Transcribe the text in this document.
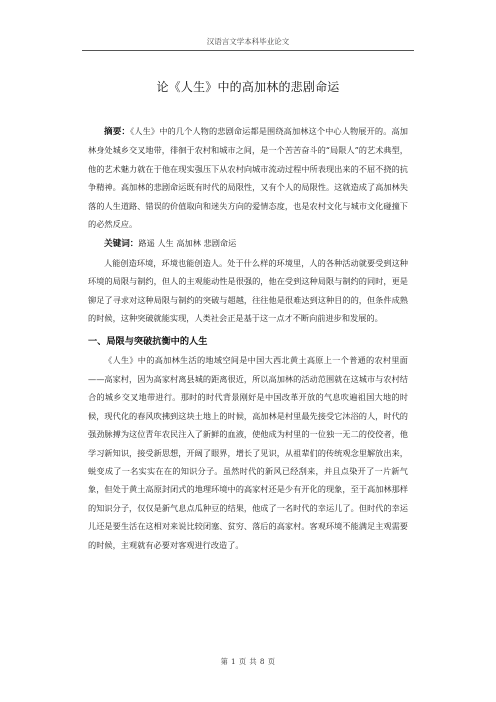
汉语言文学本科毕业论文
论《人生》中的高加林的悲剧命运

摘要：《人生》中的几个人物的悲剧命运都是围绕高加林这个中心人物展开的。高加林身处城乡交叉地带，徘徊于农村和城市之间，是一个苦苦奋斗的“局限人”的艺术典型，他的艺术魅力就在于他在现实强压下从农村向城市流动过程中所表现出来的不屈不挠的抗争精神。高加林的悲剧命运既有时代的局限性，又有个人的局限性。这就造成了高加林失落的人生道路、错误的价值取向和迷失方向的爱情态度，也是农村文化与城市文化碰撞下的必然反应。

关键词：路遥 人生 高加林 悲剧命运

人能创造环境，环境也能创造人。处于什么样的环境里，人的各种活动就要受到这种环境的局限与制约，但人的主观能动性是很强的，他在受到这种局限与制约的同时，更是铆足了寻求对这种局限与制约的突破与超越，往往他是很难达到这种目的的，但条件成熟的时候，这种突破就能实现，人类社会正是基于这一点才不断向前进步和发展的。

一、局限与突破抗衡中的人生

《人生》中的高加林生活的地域空间是中国大西北黄土高原上一个普通的农村里面——高家村，因为高家村离县城的距离很近，所以高加林的活动范围就在这城市与农村结合的城乡交叉地带进行。那时的时代背景刚好是中国改革开放的气息吹遍祖国大地的时候，现代化的春风吹拂到这块土地上的时候，高加林是村里最先接受它沐浴的人，时代的强劲脉搏为这位青年农民注入了新鲜的血液，使他成为村里的一位独一无二的佼佼者，他学习新知识，接受新思想，开阔了眼界，增长了见识，从祖辈们的传统观念里解放出来，蜕变成了一名实实在在的知识分子。虽然时代的新风已经刮来，并且点染开了一片新气象，但处于黄土高原封闭式的地理环境中的高家村还是少有开化的现象，至于高加林那样的知识分子，仅仅是新气息点瓜种豆的结果，他成了一名时代的幸运儿了。但时代的幸运儿还是要生活在这相对来说比较闭塞、贫穷、落后的高家村。客观环境不能满足主观需要的时候，主观就有必要对客观进行改造了。

第 1 页 共 8 页
